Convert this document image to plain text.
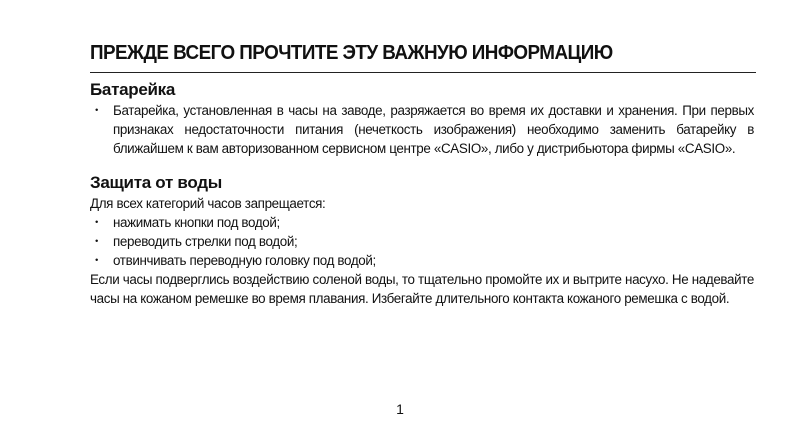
ПРЕЖДЕ ВСЕГО ПРОЧТИТЕ ЭТУ ВАЖНУЮ ИНФОРМАЦИЮ
Батарейка
・ Батарейка, установленная в часы на заводе, разряжается во время их доставки и хранения. При первых признаках недостаточности питания (нечеткость изображения) необходимо заменить батарейку в ближайшем к вам авторизованном сервисном центре «CASIO», либо у дистрибьютора фирмы «CASIO».
Защита от воды
Для всех категорий часов запрещается:
・ нажимать кнопки под водой;
・ переводить стрелки под водой;
・ отвинчивать переводную головку под водой;
Если часы подверглись воздействию соленой воды, то тщательно промойте их и вытрите насухо. Не надевайте часы на кожаном ремешке во время плавания. Избегайте длительного контакта кожаного ремешка с водой.
1
